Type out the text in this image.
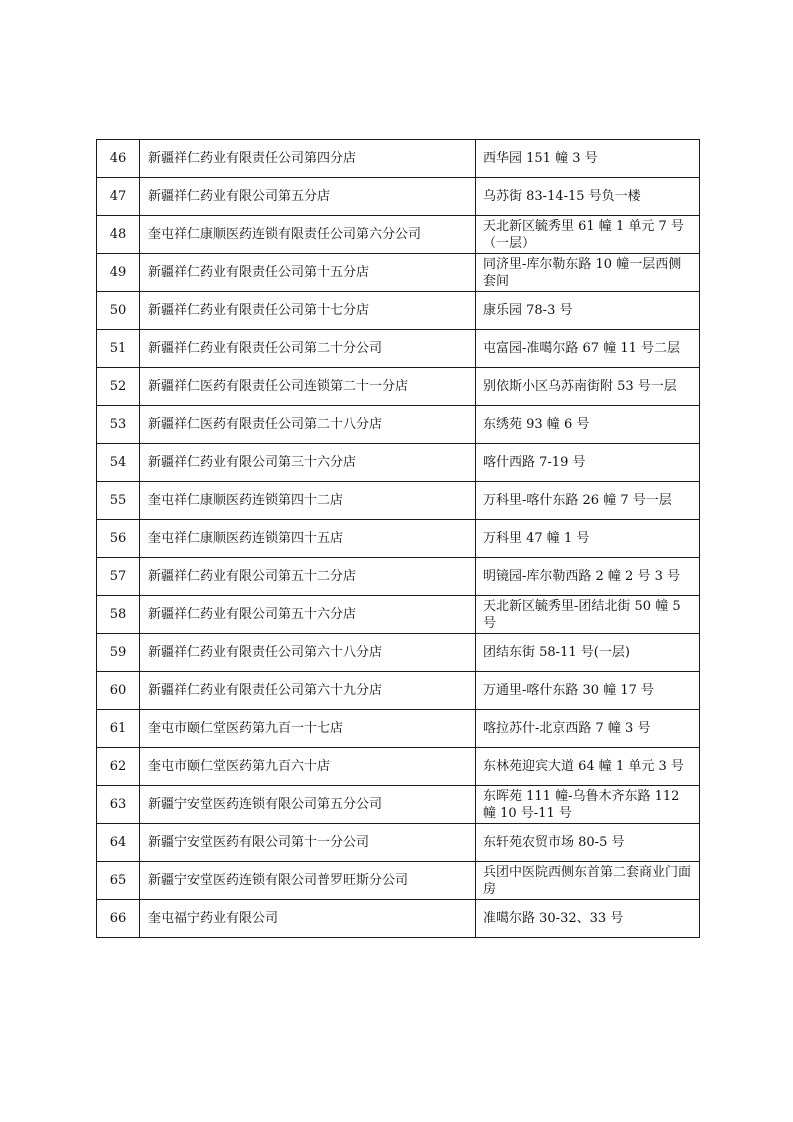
46	新疆祥仁药业有限责任公司第四分店	西华园 151 幢 3 号
47	新疆祥仁药业有限公司第五分店	乌苏街 83-14-15 号负一楼
48	奎屯祥仁康顺医药连锁有限责任公司第六分公司	天北新区毓秀里 61 幢 1 单元 7 号（一层）
49	新疆祥仁药业有限责任公司第十五分店	同济里-库尔勒东路 10 幢一层西侧套间
50	新疆祥仁药业有限责任公司第十七分店	康乐园 78-3 号
51	新疆祥仁药业有限责任公司第二十分公司	屯富园-准噶尔路 67 幢 11 号二层
52	新疆祥仁医药有限责任公司连锁第二十一分店	别依斯小区乌苏南街附 53 号一层
53	新疆祥仁医药有限责任公司第二十八分店	东绣苑 93 幢 6 号
54	新疆祥仁药业有限公司第三十六分店	喀什西路 7-19 号
55	奎屯祥仁康顺医药连锁第四十二店	万科里-喀什东路 26 幢 7 号一层
56	奎屯祥仁康顺医药连锁第四十五店	万科里 47 幢 1 号
57	新疆祥仁药业有限公司第五十二分店	明镜园-库尔勒西路 2 幢 2 号 3 号
58	新疆祥仁药业有限公司第五十六分店	天北新区毓秀里-团结北街 50 幢 5 号
59	新疆祥仁药业有限责任公司第六十八分店	团结东街 58-11 号(一层)
60	新疆祥仁药业有限责任公司第六十九分店	万通里-喀什东路 30 幢 17 号
61	奎屯市颐仁堂医药第九百一十七店	喀拉苏什-北京西路 7 幢 3 号
62	奎屯市颐仁堂医药第九百六十店	东林苑迎宾大道 64 幢 1 单元 3 号
63	新疆宁安堂医药连锁有限公司第五分公司	东晖苑 111 幢-乌鲁木齐东路 112 幢 10 号-11 号
64	新疆宁安堂医药有限公司第十一分公司	东轩苑农贸市场 80-5 号
65	新疆宁安堂医药连锁有限公司普罗旺斯分公司	兵团中医院西侧东首第二套商业门面房
66	奎屯福宁药业有限公司	准噶尔路 30-32、33 号
